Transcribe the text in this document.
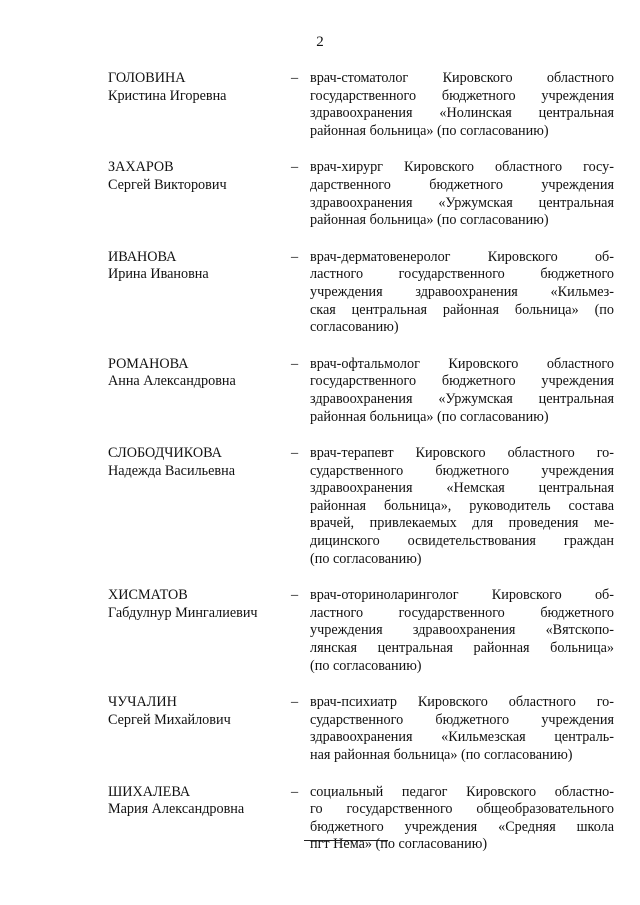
2
ГОЛОВИНА
Кристина Игоревна
– врач-стоматолог Кировского областного
государственного бюджетного учреждения
здравоохранения «Нолинская центральная
районная больница» (по согласованию)
ЗАХАРОВ
Сергей Викторович
– врач-хирург Кировского областного госу-
дарственного бюджетного учреждения
здравоохранения «Уржумская центральная
районная больница» (по согласованию)
ИВАНОВА
Ирина Ивановна
– врач-дерматовенеролог Кировского об-
ластного государственного бюджетного
учреждения здравоохранения «Кильмез-
ская центральная районная больница» (по
согласованию)
РОМАНОВА
Анна Александровна
– врач-офтальмолог Кировского областного
государственного бюджетного учреждения
здравоохранения «Уржумская центральная
районная больница» (по согласованию)
СЛОБОДЧИКОВА
Надежда Васильевна
– врач-терапевт Кировского областного го-
сударственного бюджетного учреждения
здравоохранения «Немская центральная
районная больница», руководитель состава
врачей, привлекаемых для проведения ме-
дицинского освидетельствования граждан
(по согласованию)
ХИСМАТОВ
Габдулнур Мингалиевич
– врач-оториноларинголог Кировского об-
ластного государственного бюджетного
учреждения здравоохранения «Вятскопо-
лянская центральная районная больница»
(по согласованию)
ЧУЧАЛИН
Сергей Михайлович
– врач-психиатр Кировского областного го-
сударственного бюджетного учреждения
здравоохранения «Кильмезская централь-
ная районная больница» (по согласованию)
ШИХАЛЕВА
Мария Александровна
– социальный педагог Кировского областно-
го государственного общеобразовательного
бюджетного учреждения «Средняя школа
пгт Нема» (по согласованию)
